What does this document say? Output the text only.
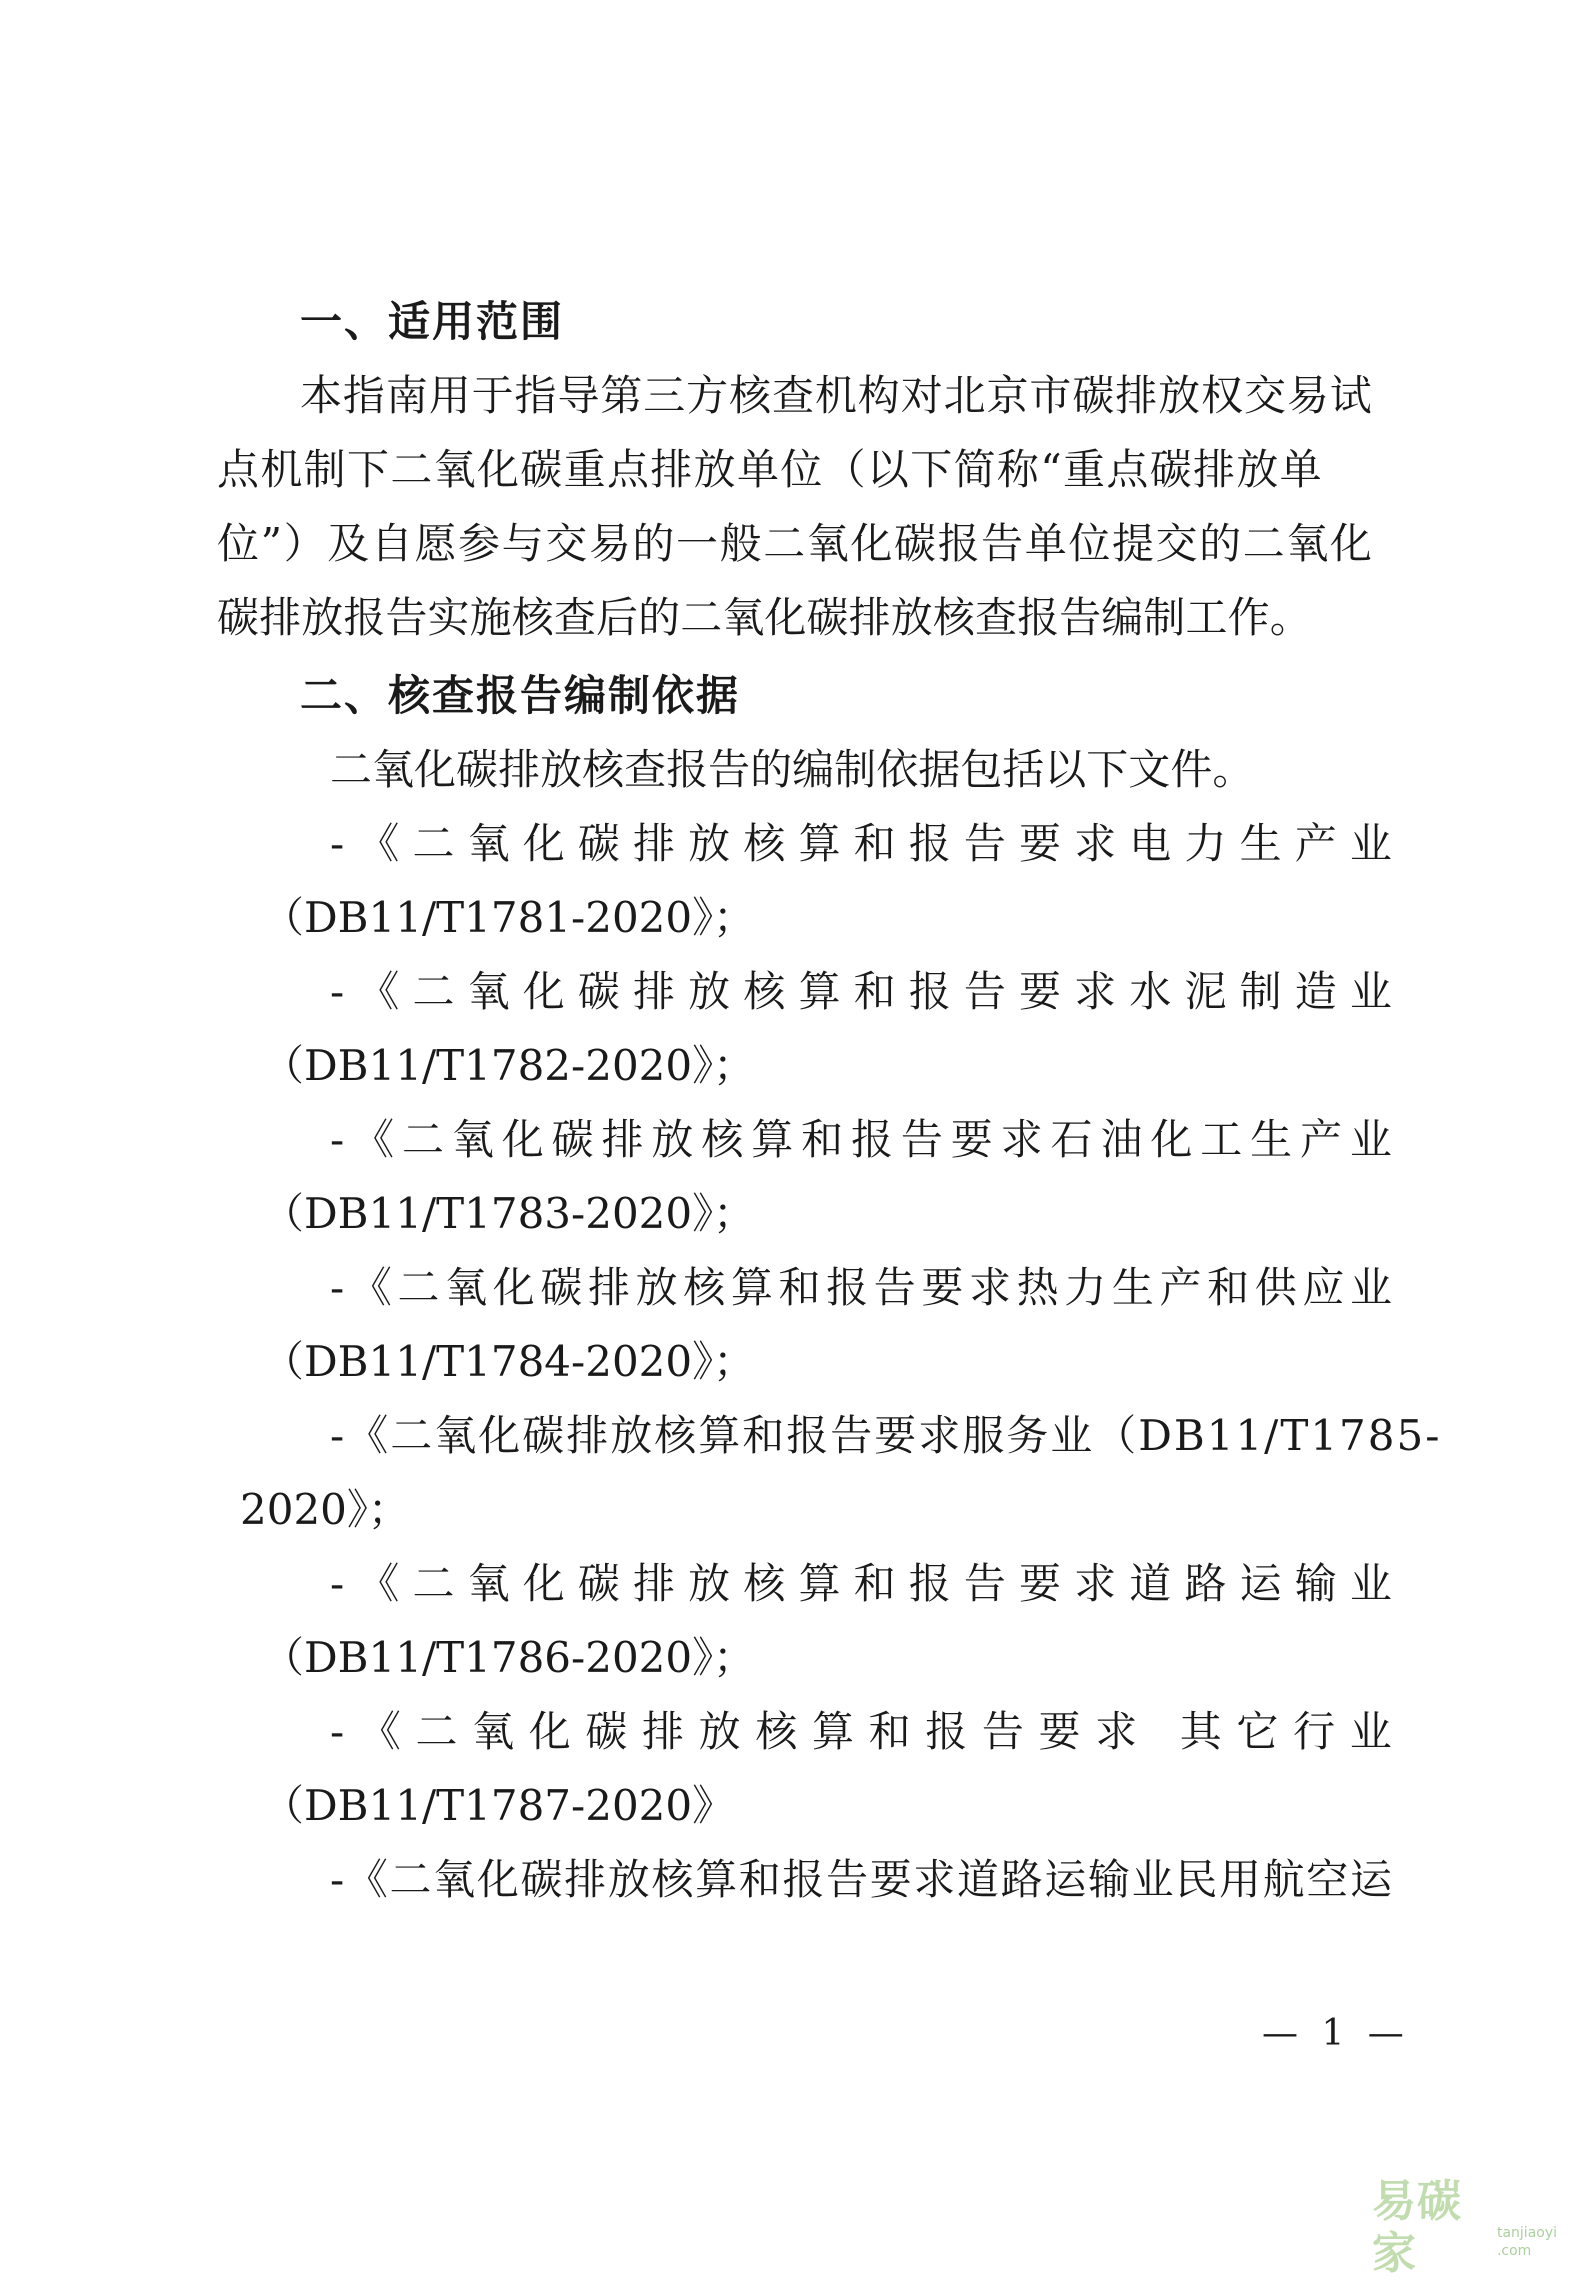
一、适用范围
本 指 南 用 于 指 导 第 三 方 核 查 机 构 对 北 京 市 碳 排 放 权 交 易 试
点 机 制 下 二 氧 化 碳 重 点 排 放 单 位 （ 以 下 简 称 “ 重 点 碳 排 放 单
位 ” ） 及 自 愿 参 与 交 易 的 一 般 二 氧 化 碳 报 告 单 位 提 交 的 二 氧 化
碳 排 放 报 告 实 施 核 查 后 的 二 氧 化 碳 排 放 核 查 报 告 编 制 工 作 。
二、核查报告编制依据
二 氧 化 碳 排 放 核 查 报 告 的 编 制 依 据 包 括 以 下 文 件 。
- 《 二 氧 化 碳 排 放 核 算 和 报 告 要 求 电 力 生 产 业
（DB11/T1781-2020》；
- 《 二 氧 化 碳 排 放 核 算 和 报 告 要 求 水 泥 制 造 业
（DB11/T1782-2020》；
- 《 二 氧 化 碳 排 放 核 算 和 报 告 要 求 石 油 化 工 生 产 业
（DB11/T1783-2020》；
- 《 二 氧 化 碳 排 放 核 算 和 报 告 要 求 热 力 生 产 和 供 应 业
（DB11/T1784-2020》；
-《二氧化碳排放核算和报告要求服务业（DB11/T1785-
2020》；
- 《 二 氧 化 碳 排 放 核 算 和 报 告 要 求 道 路 运 输 业
（DB11/T1786-2020》；
- 《 二 氧 化 碳 排 放 核 算 和 报 告 要 求
其 它 行 业
（DB11/T1787-2020》
- 《 二 氧 化 碳 排 放 核 算 和 报 告 要 求 道 路 运 输 业 民 用 航 空 运
— 1 —
易碳家	tanjiaoyi .com
